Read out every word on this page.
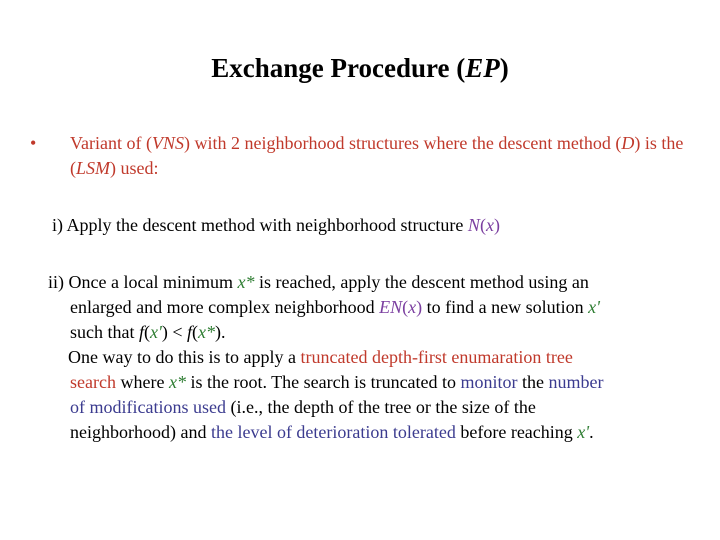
Exchange Procedure (EP)
• Variant of (VNS) with 2 neighborhood structures where the descent method (D) is the (LSM) used:
i) Apply the descent method with neighborhood structure N(x)
ii) Once a local minimum x* is reached, apply the descent method using an
enlarged and more complex neighborhood EN(x) to find a new solution x'
such that f(x') < f(x*).
One way to do this is to apply a truncated depth-first enumaration tree

search where x* is the root. The search is truncated to monitor the number
of modifications used (i.e., the depth of the tree or the size of the
neighborhood) and the level of deterioration tolerated before reaching x'.
